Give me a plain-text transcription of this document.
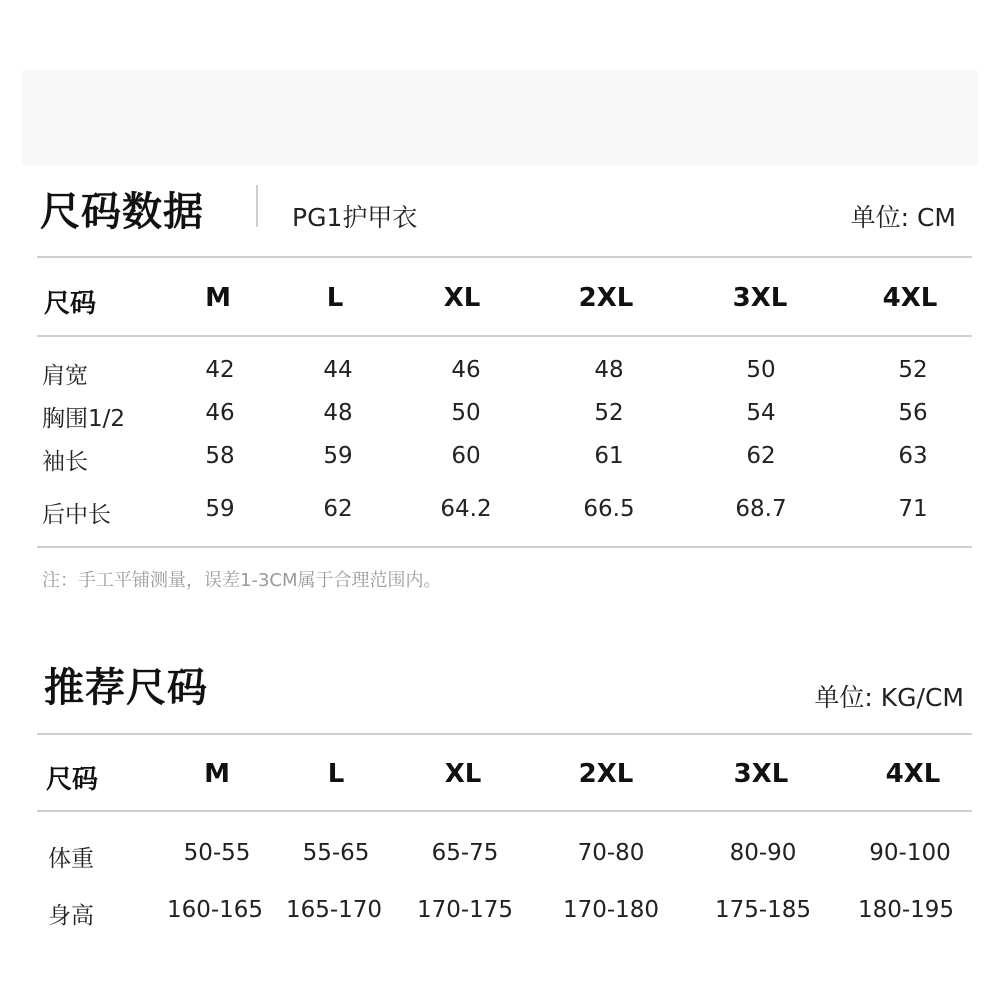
尺码数据	PG1护甲衣	单位: CM
尺码	M	L	XL	2XL	3XL	4XL
肩宽	42	44	46	48	50	52
胸围1/2	46	48	50	52	54	56
袖长	58	59	60	61	62	63
后中长	59	62	64.2	66.5	68.7	71
注：手工平铺测量，误差1-3CM属于合理范围内。
推荐尺码	单位: KG/CM
尺码	M	L	XL	2XL	3XL	4XL
体重	50-55 55-65	65-75	70-80	80-90	90-100
身高	160-165 165-170 170-175 170-180 175-185 180-195
